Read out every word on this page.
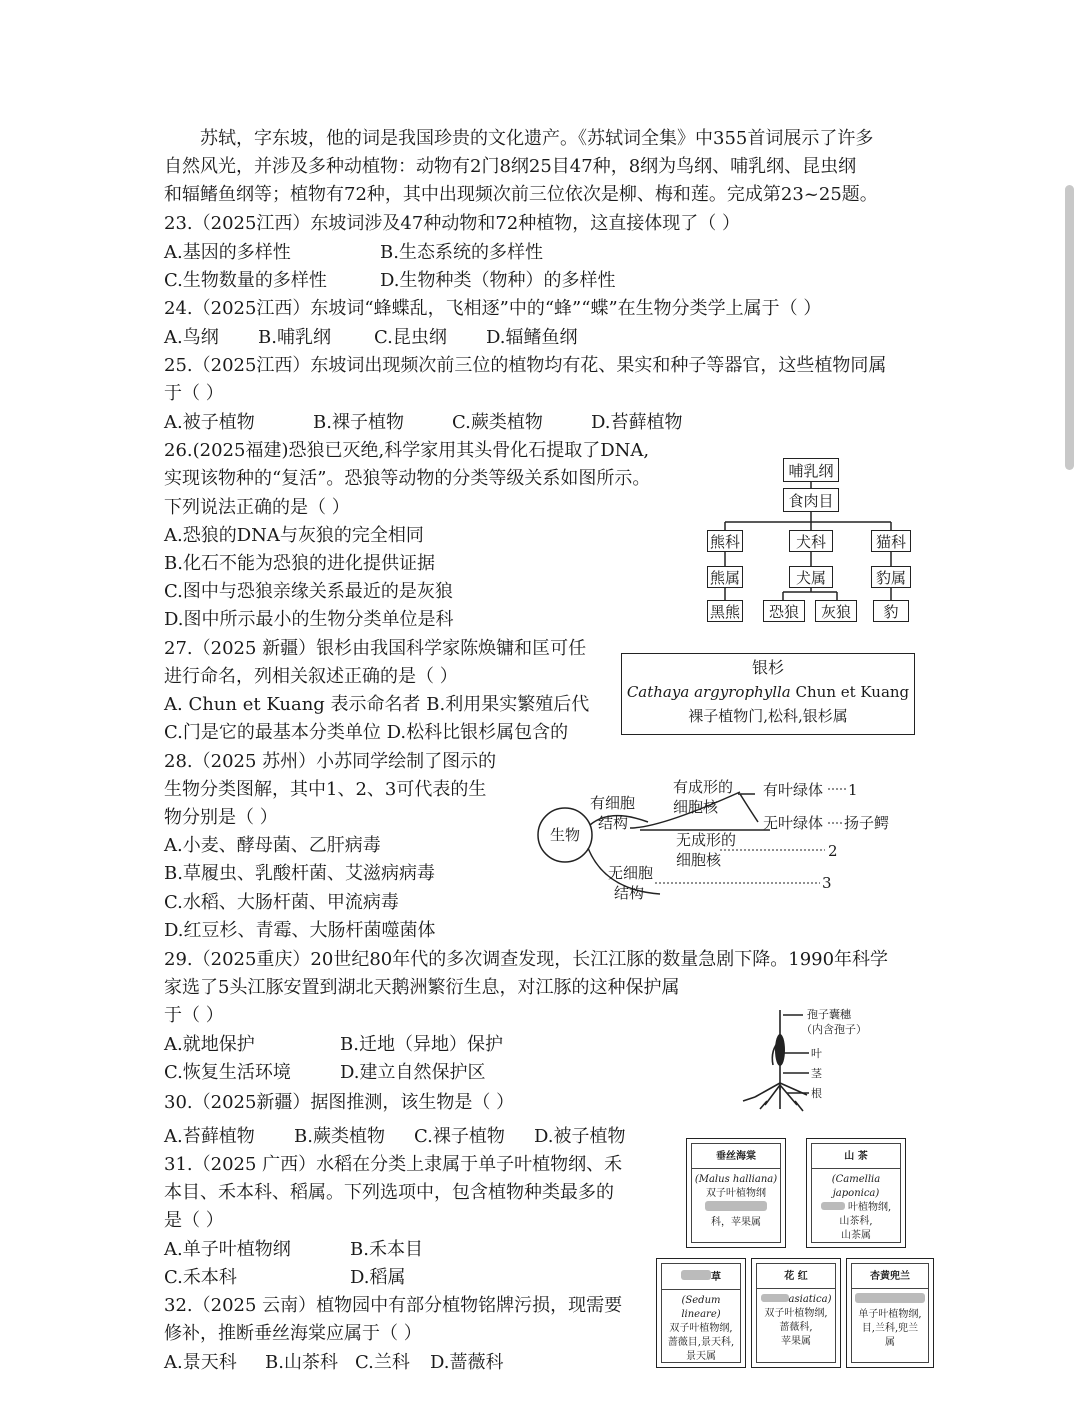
苏轼，字东坡，他的词是我国珍贵的文化遗产。《苏轼词全集》中355首词展示了许多
自然风光，并涉及多种动植物：动物有2门8纲25目47种，8纲为鸟纲、哺乳纲、昆虫纲
和辐鳍鱼纲等；植物有72种，其中出现频次前三位依次是柳、梅和莲。完成第23~25题。
23.（2025江西）东坡词涉及47种动物和72种植物，这直接体现了（ ）
A.基因的多样性	B.生态系统的多样性
C.生物数量的多样性	D.生物种类（物种）的多样性
24.（2025江西）东坡词“蜂蝶乱，飞相逐”中的“蜂”“蝶”在生物分类学上属于（ ）
A.鸟纲 B.哺乳纲 C.昆虫纲 D.辐鳍鱼纲
25.（2025江西）东坡词出现频次前三位的植物均有花、果实和种子等器官，这些植物同属
于（ ）
A.被子植物	B.裸子植物	C.蕨类植物	D.苔藓植物
26.(2025福建)恐狼已灭绝,科学家用其头骨化石提取了DNA,
实现该物种的“复活”。恐狼等动物的分类等级关系如图所示。
下列说法正确的是（ ）
A.恐狼的DNA与灰狼的完全相同
B.化石不能为恐狼的进化提供证据
C.图中与恐狼亲缘关系最近的是灰狼
D.图中所示最小的生物分类单位是科
哺乳纲
食肉目
熊科	犬科	猫科
熊属	犬属	豹属
黑熊	恐狼	灰狼	豹
27.（2025 新疆）银杉由我国科学家陈焕镛和匡可任
进行命名，列相关叙述正确的是（ ）
A. Chun et Kuang 表示命名者 B.利用果实繁殖后代
C.门是它的最基本分类单位 D.松科比银杉属包含的
银杉
Cathaya argyrophylla Chun et Kuang
裸子植物门,松科,银杉属
28.（2025 苏州）小苏同学绘制了图示的
生物分类图解，其中1、2、3可代表的生
物分别是（ ）
A.小麦、酵母菌、乙肝病毒
B.草履虫、乳酸杆菌、艾滋病病毒
C.水稻、大肠杆菌、甲流病毒
D.红豆杉、青霉、大肠杆菌噬菌体
生物
有细胞
结构
无细胞
结构
有成形的
细胞核
无成形的
细胞核
有叶绿体
无叶绿体
1
扬子鳄
2
3
29.（2025重庆）20世纪80年代的多次调查发现，长江江豚的数量急剧下降。1990年科学
家选了5头江豚安置到湖北天鹅洲繁衍生息，对江豚的这种保护属
于（ ）
A.就地保护	B.迁地（异地）保护
C.恢复生活环境	D.建立自然保护区
孢子囊穗
（内含孢子）
叶
茎
根
30.（2025新疆）据图推测，该生物是（ ）
A.苔藓植物 B.蕨类植物 C.裸子植物 D.被子植物
31.（2025 广西）水稻在分类上隶属于单子叶植物纲、禾
本目、禾本科、稻属。下列选项中，包含植物种类最多的
是（ ）
A.单子叶植物纲	B.禾本目
C.禾本科	D.稻属
32.（2025 云南）植物园中有部分植物铭牌污损，现需要
修补，推断垂丝海棠应属于（ ）
A.景天科 B.山茶科 C.兰科 D.蔷薇科
垂丝海棠
(Malus halliana)
双子叶植物纲
科，苹果属
山 茶
(Camellia japonica)
叶植物纲,
山茶科,
山茶属
草
(Sedum lineare)
双子叶植物纲,
蔷薇目,景天科,
景天属
花 红
asiatica)
双子叶植物纲,
蔷薇科,
苹果属
杏黄兜兰
单子叶植物纲,
目,兰科,兜兰
属
